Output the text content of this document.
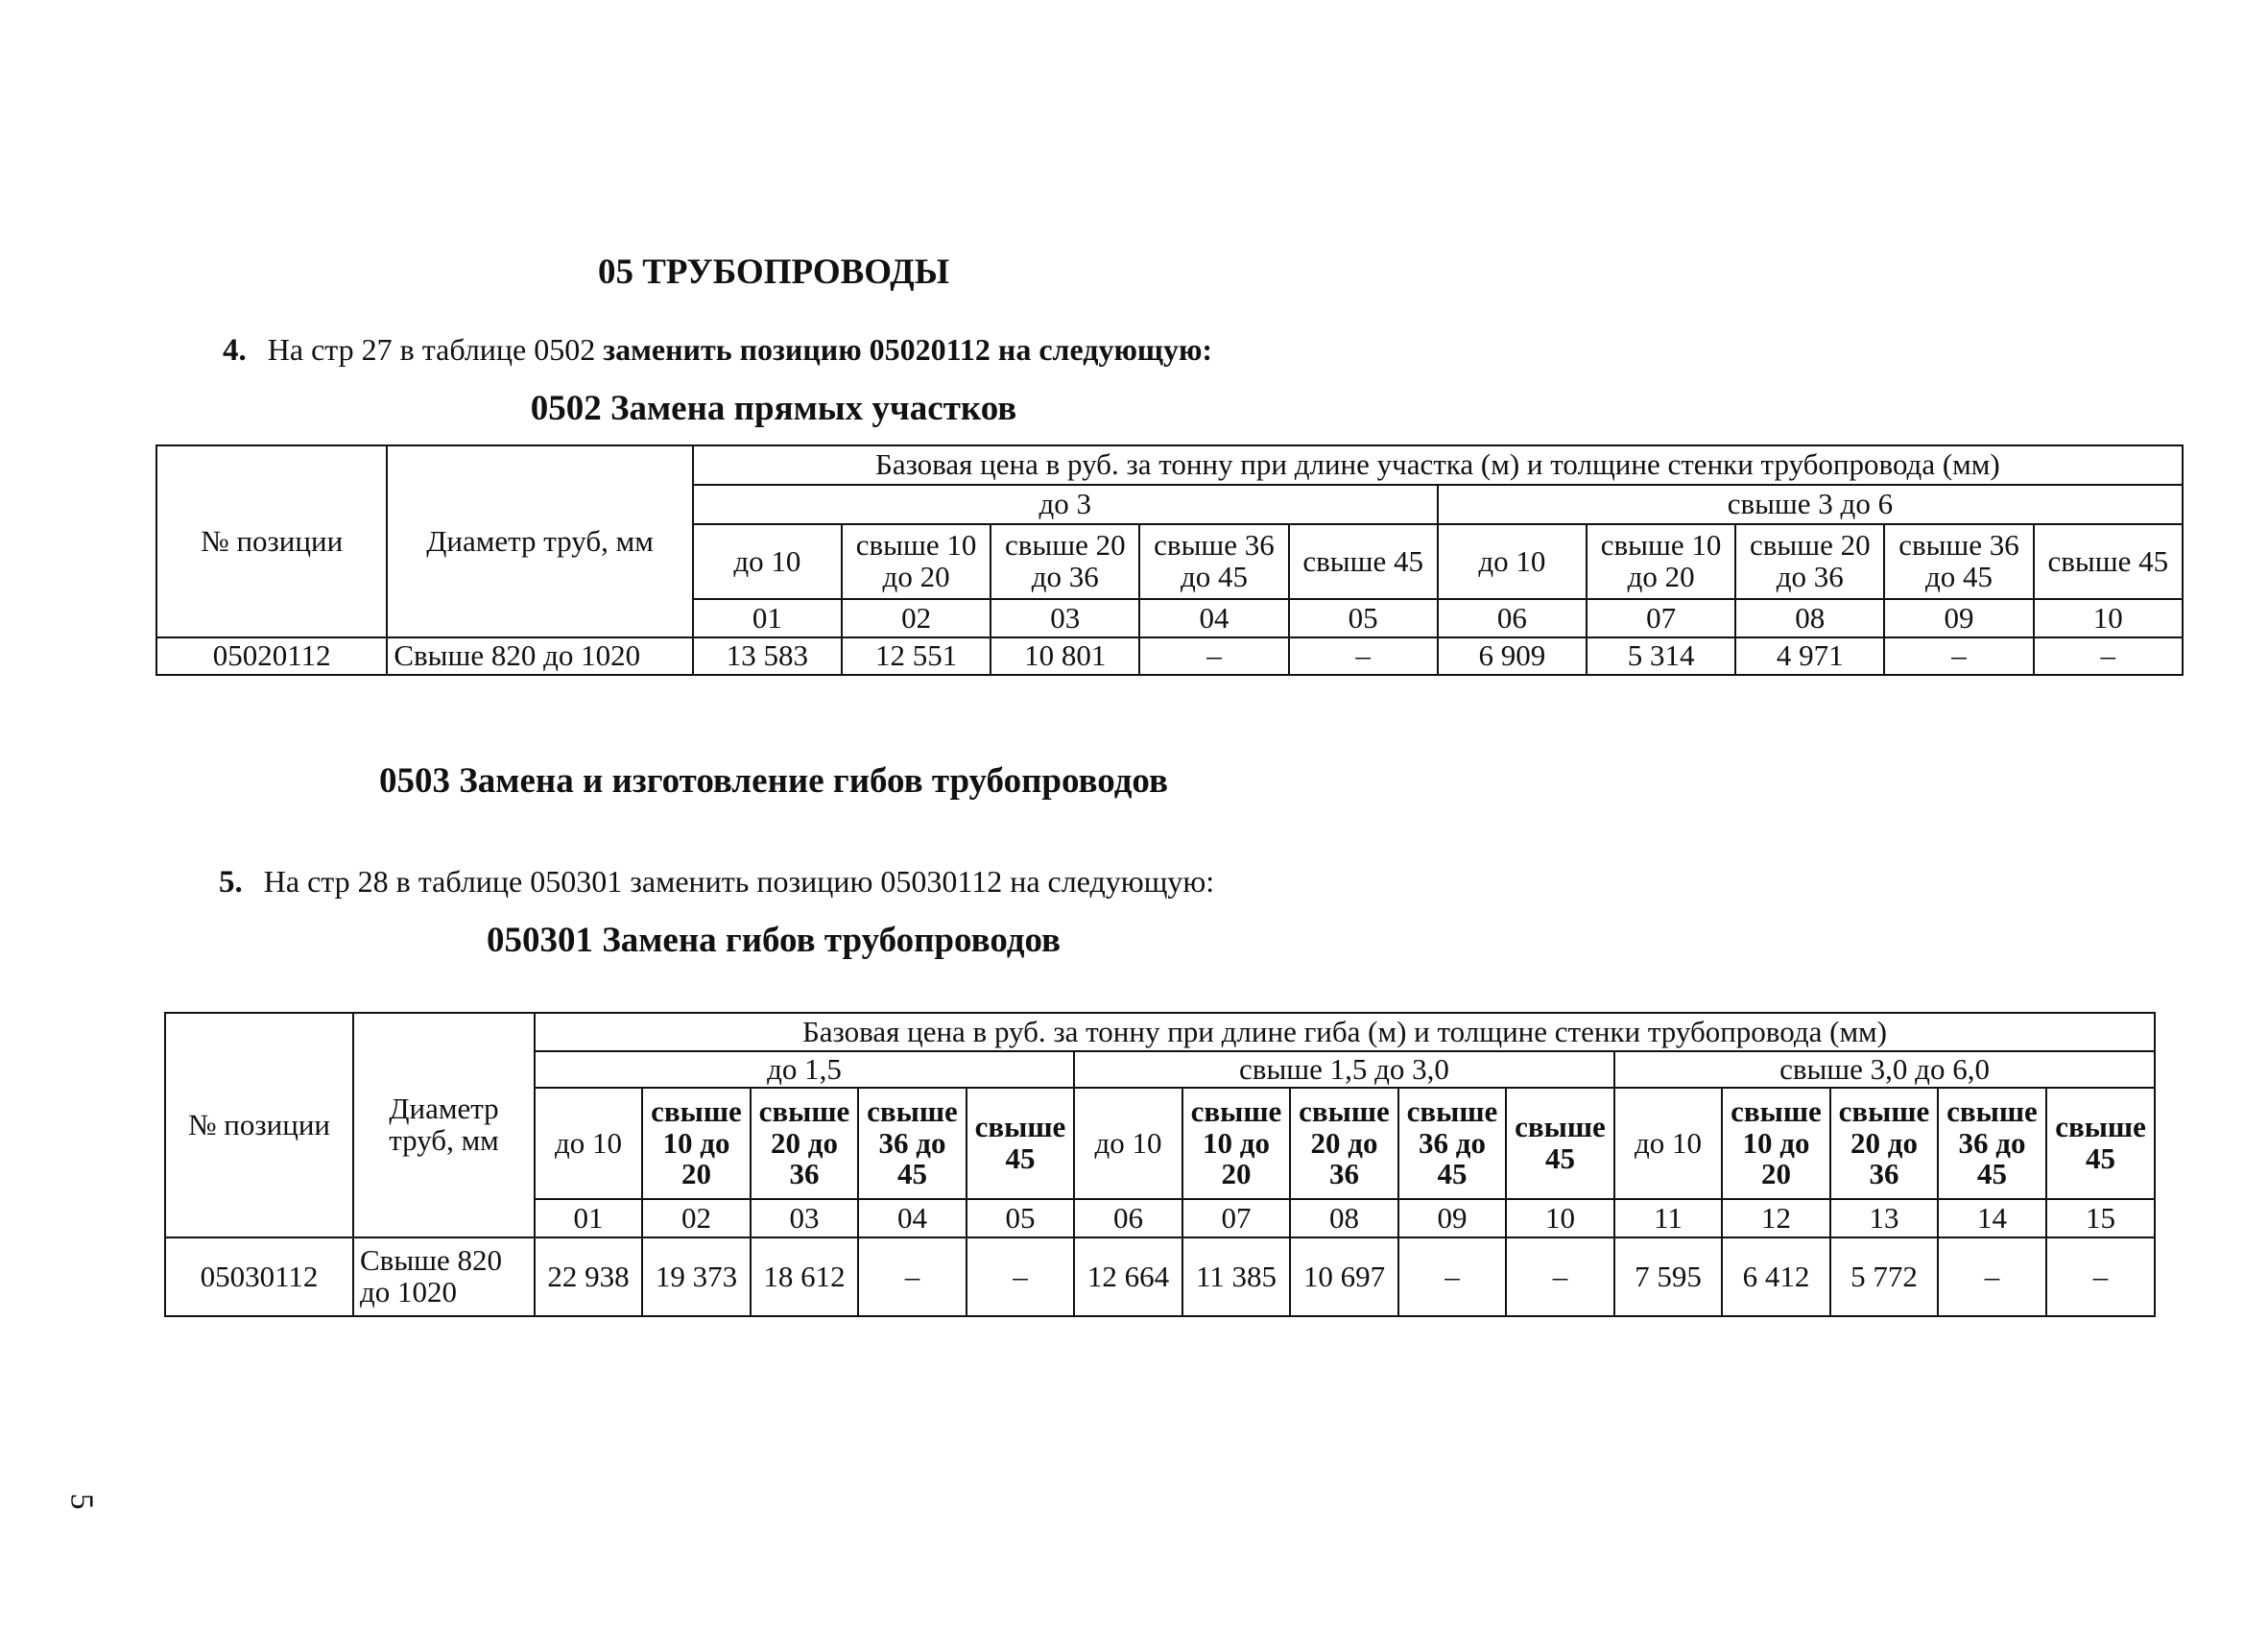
05 ТРУБОПРОВОДЫ
4. На стр 27 в таблице 0502 заменить позицию 05020112 на следующую:
0502 Замена прямых участков
№ позиции	Диаметр труб, мм	Базовая цена в руб. за тонну при длине участка (м) и толщине стенки трубопровода (мм)									
		до 3					свыше 3 до 6				
		до 10	свыше 10 до 20	свыше 20 до 36	свыше 36 до 45	свыше 45	до 10	свыше 10 до 20	свыше 20 до 36	свыше 36 до 45	свыше 45
		01	02	03	04	05	06	07	08	09	10
05020112	Свыше 820 до 1020	13 583	12 551	10 801	–	–	6 909	5 314	4 971	–	–
0503 Замена и изготовление гибов трубопроводов
5. На стр 28 в таблице 050301 заменить позицию 05030112 на следующую:
050301 Замена гибов трубопроводов
№ позиции	Диаметр труб, мм	Базовая цена в руб. за тонну при длине гиба (м) и толщине стенки трубопровода (мм)														
		до 1,5					свыше 1,5 до 3,0					свыше 3,0 до 6,0				
		до 10	свыше 10 до 20	свыше 20 до 36	свыше 36 до 45	свыше 45	до 10	свыше 10 до 20	свыше 20 до 36	свыше 36 до 45	свыше 45	до 10	свыше 10 до 20	свыше 20 до 36	свыше 36 до 45	свыше 45
		01	02	03	04	05	06	07	08	09	10	11	12	13	14	15
05030112	Свыше 820 до 1020	22 938	19 373	18 612	–	–	12 664	11 385	10 697	–	–	7 595	6 412	5 772	–	–
5
